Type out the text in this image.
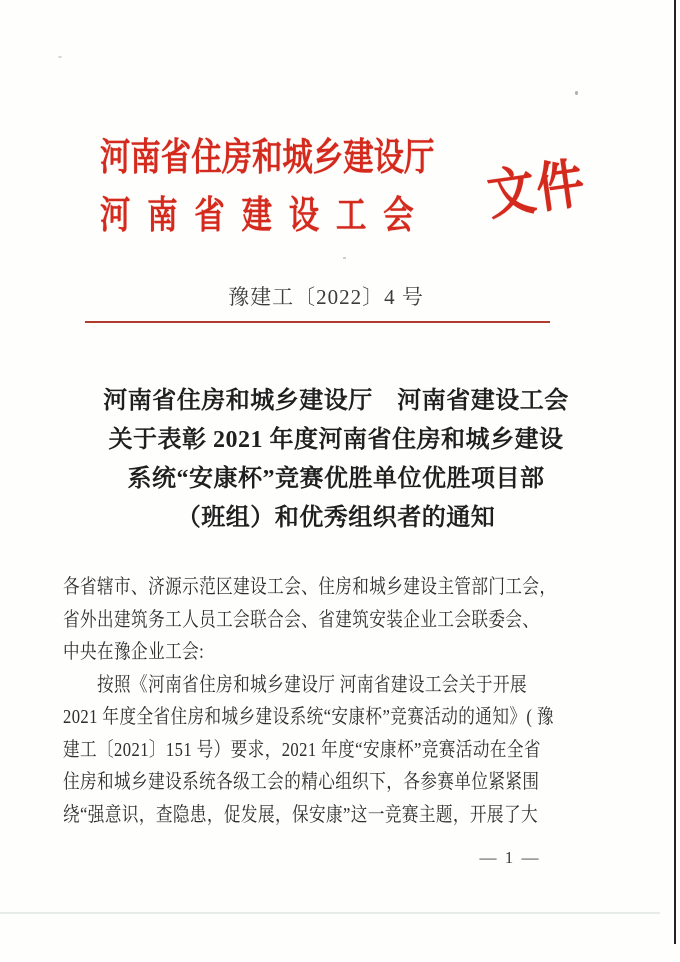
河南省住房和城乡建设厅
河南省建设工会 文件
豫建工〔2022〕4 号
河南省住房和城乡建设厅　河南省建设工会
关于表彰 2021 年度河南省住房和城乡建设
系统“安康杯”竞赛优胜单位优胜项目部
（班组）和优秀组织者的通知
各省辖市、济源示范区建设工会、住房和城乡建设主管部门工会，
省外出建筑务工人员工会联合会、省建筑安装企业工会联委会、
中央在豫企业工会:
按照《河南省住房和城乡建设厅 河南省建设工会关于开展
2021 年度全省住房和城乡建设系统“安康杯”竞赛活动的通知》( 豫
建工〔2021〕151 号）要求，2021 年度“安康杯”竞赛活动在全省
住房和城乡建设系统各级工会的精心组织下，各参赛单位紧紧围
绕“强意识，查隐患，促发展，保安康”这一竞赛主题，开展了大
— 1 —
